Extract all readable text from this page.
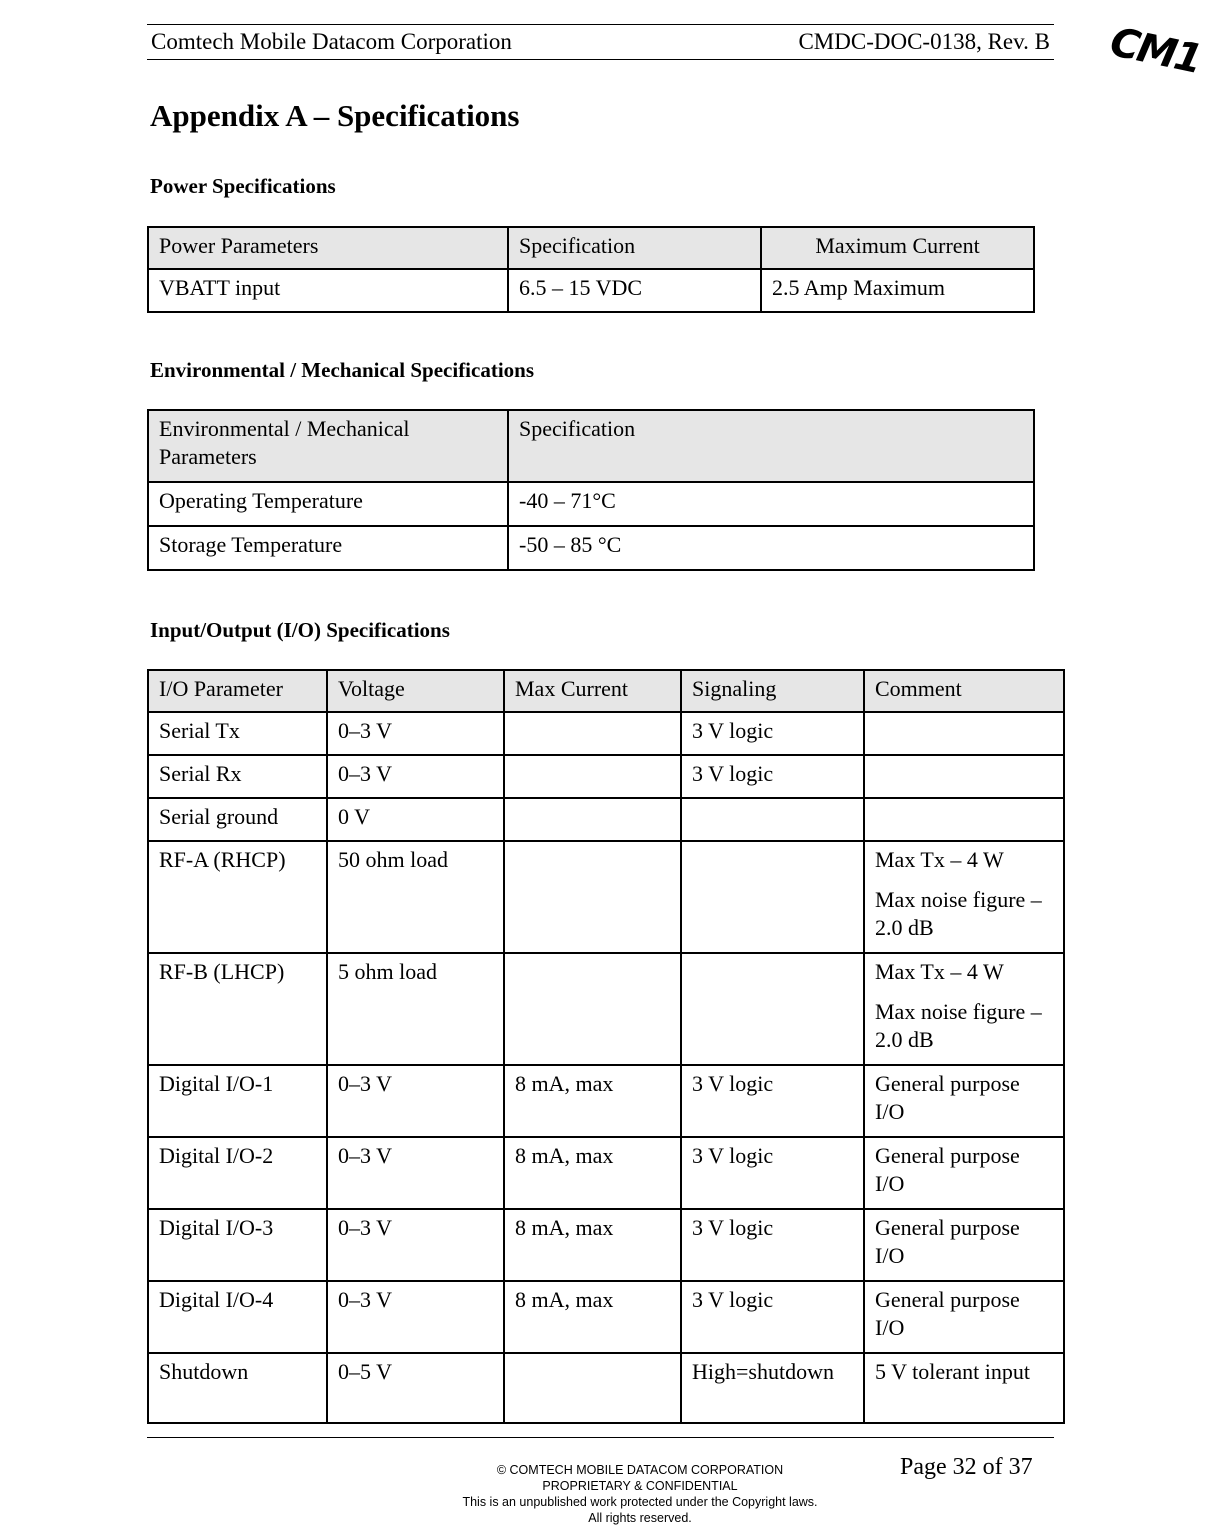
Comtech Mobile Datacom Corporation	CMDC-DOC-0138, Rev. B CM1
Appendix A – Specifications
Power Specifications
Power Parameters	Specification	Maximum Current
VBATT input	6.5 – 15 VDC	2.5 Amp Maximum
Environmental / Mechanical Specifications
Environmental / Mechanical Parameters	Specification
Operating Temperature	-40 – 71°C
Storage Temperature	-50 – 85 °C
Input/Output (I/O) Specifications
I/O Parameter	Voltage	Max Current	Signaling	Comment
Serial Tx	0–3 V		3 V logic	
Serial Rx	0–3 V		3 V logic	
Serial ground	0 V			
RF-A (RHCP)	50 ohm load			Max Tx – 4 W

Max noise figure – 2.0 dB

RF-B (LHCP)	5 ohm load			Max Tx – 4 W

Max noise figure – 2.0 dB

Digital I/O-1	0–3 V	8 mA, max	3 V logic	General purpose I/O
Digital I/O-2	0–3 V	8 mA, max	3 V logic	General purpose I/O
Digital I/O-3	0–3 V	8 mA, max	3 V logic	General purpose I/O
Digital I/O-4	0–3 V	8 mA, max	3 V logic	General purpose I/O
Shutdown	0–5 V		High=shutdown	5 V tolerant input
© COMTECH MOBILE DATACOM CORPORATION
PROPRIETARY & CONFIDENTIAL
This is an unpublished work protected under the Copyright laws.
All rights reserved.
Page 32 of 37
